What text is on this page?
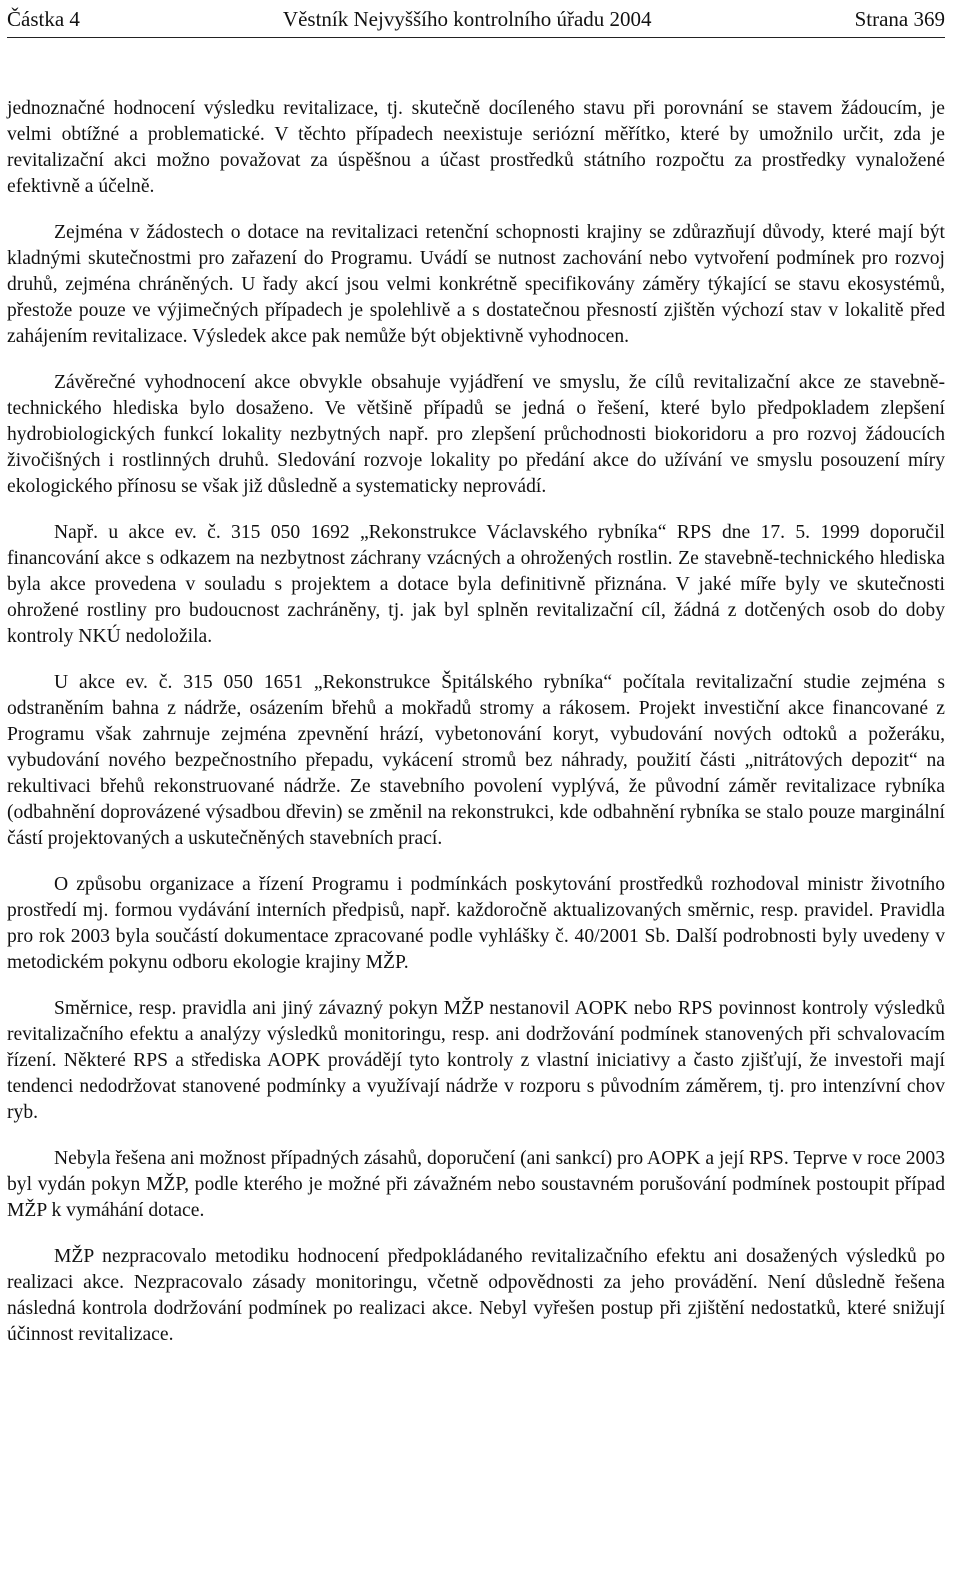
Částka 4	Věstník Nejvyššího kontrolního úřadu 2004	Strana 369

jednoznačné hodnocení výsledku revitalizace, tj. skutečně docíleného stavu při porovnání se stavem žádoucím, je velmi obtížné a problematické. V těchto případech neexistuje seriózní měřítko, které by umožnilo určit, zda je revitalizační akci možno považovat za úspěšnou a účast prostředků státního rozpočtu za prostředky vynaložené efektivně a účelně.

Zejména v žádostech o dotace na revitalizaci retenční schopnosti krajiny se zdůrazňují důvody, které mají být kladnými skutečnostmi pro zařazení do Programu. Uvádí se nutnost zachování nebo vytvoření podmínek pro rozvoj druhů, zejména chráněných. U řady akcí jsou velmi konkrétně specifikovány záměry týkající se stavu ekosystémů, přestože pouze ve výjimečných případech je spolehlivě a s dostatečnou přesností zjištěn výchozí stav v lokalitě před zahájením revitalizace. Výsledek akce pak nemůže být objektivně vyhodnocen.

Závěrečné vyhodnocení akce obvykle obsahuje vyjádření ve smyslu, že cílů revitalizační akce ze stavebně-technického hlediska bylo dosaženo. Ve většině případů se jedná o řešení, které bylo předpokladem zlepšení hydrobiologických funkcí lokality nezbytných např. pro zlepšení průchodnosti biokoridoru a pro rozvoj žádoucích živočišných i rostlinných druhů. Sledování rozvoje lokality po předání akce do užívání ve smyslu posouzení míry ekologického přínosu se však již důsledně a systematicky neprovádí.

Např. u akce ev. č. 315 050 1692 „Rekonstrukce Václavského rybníka“ RPS dne 17. 5. 1999 doporučil financování akce s odkazem na nezbytnost záchrany vzácných a ohrožených rostlin. Ze stavebně-technického hlediska byla akce provedena v souladu s projektem a dotace byla definitivně přiznána. V jaké míře byly ve skutečnosti ohrožené rostliny pro budoucnost zachráněny, tj. jak byl splněn revitalizační cíl, žádná z dotčených osob do doby kontroly NKÚ nedoložila.

U akce ev. č. 315 050 1651 „Rekonstrukce Špitálského rybníka“ počítala revitalizační studie zejména s odstraněním bahna z nádrže, osázením břehů a mokřadů stromy a rákosem. Projekt investiční akce financované z Programu však zahrnuje zejména zpevnění hrází, vybetonování koryt, vybudování nových odtoků a požeráku, vybudování nového bezpečnostního přepadu, vykácení stromů bez náhrady, použití části „nitrátových depozit“ na rekultivaci břehů rekonstruované nádrže. Ze stavebního povolení vyplývá, že původní záměr revitalizace rybníka (odbahnění doprovázené výsadbou dřevin) se změnil na rekonstrukci, kde odbahnění rybníka se stalo pouze marginální částí projektovaných a uskutečněných stavebních prací.

O způsobu organizace a řízení Programu i podmínkách poskytování prostředků rozhodoval ministr životního prostředí mj. formou vydávání interních předpisů, např. každoročně aktualizovaných směrnic, resp. pravidel. Pravidla pro rok 2003 byla součástí dokumentace zpracované podle vyhlášky č. 40/2001 Sb. Další podrobnosti byly uvedeny v metodickém pokynu odboru ekologie krajiny MŽP.

Směrnice, resp. pravidla ani jiný závazný pokyn MŽP nestanovil AOPK nebo RPS povinnost kontroly výsledků revitalizačního efektu a analýzy výsledků monitoringu, resp. ani dodržování podmínek stanovených při schvalovacím řízení. Některé RPS a střediska AOPK provádějí tyto kontroly z vlastní iniciativy a často zjišťují, že investoři mají tendenci nedodržovat stanovené podmínky a využívají nádrže v rozporu s původním záměrem, tj. pro intenzívní chov ryb.

Nebyla řešena ani možnost případných zásahů, doporučení (ani sankcí) pro AOPK a její RPS. Teprve v roce 2003 byl vydán pokyn MŽP, podle kterého je možné při závažném nebo soustavném porušování podmínek postoupit případ MŽP k vymáhání dotace.

MŽP nezpracovalo metodiku hodnocení předpokládaného revitalizačního efektu ani dosažených výsledků po realizaci akce. Nezpracovalo zásady monitoringu, včetně odpovědnosti za jeho provádění. Není důsledně řešena následná kontrola dodržování podmínek po realizaci akce. Nebyl vyřešen postup při zjištění nedostatků, které snižují účinnost revitalizace.
